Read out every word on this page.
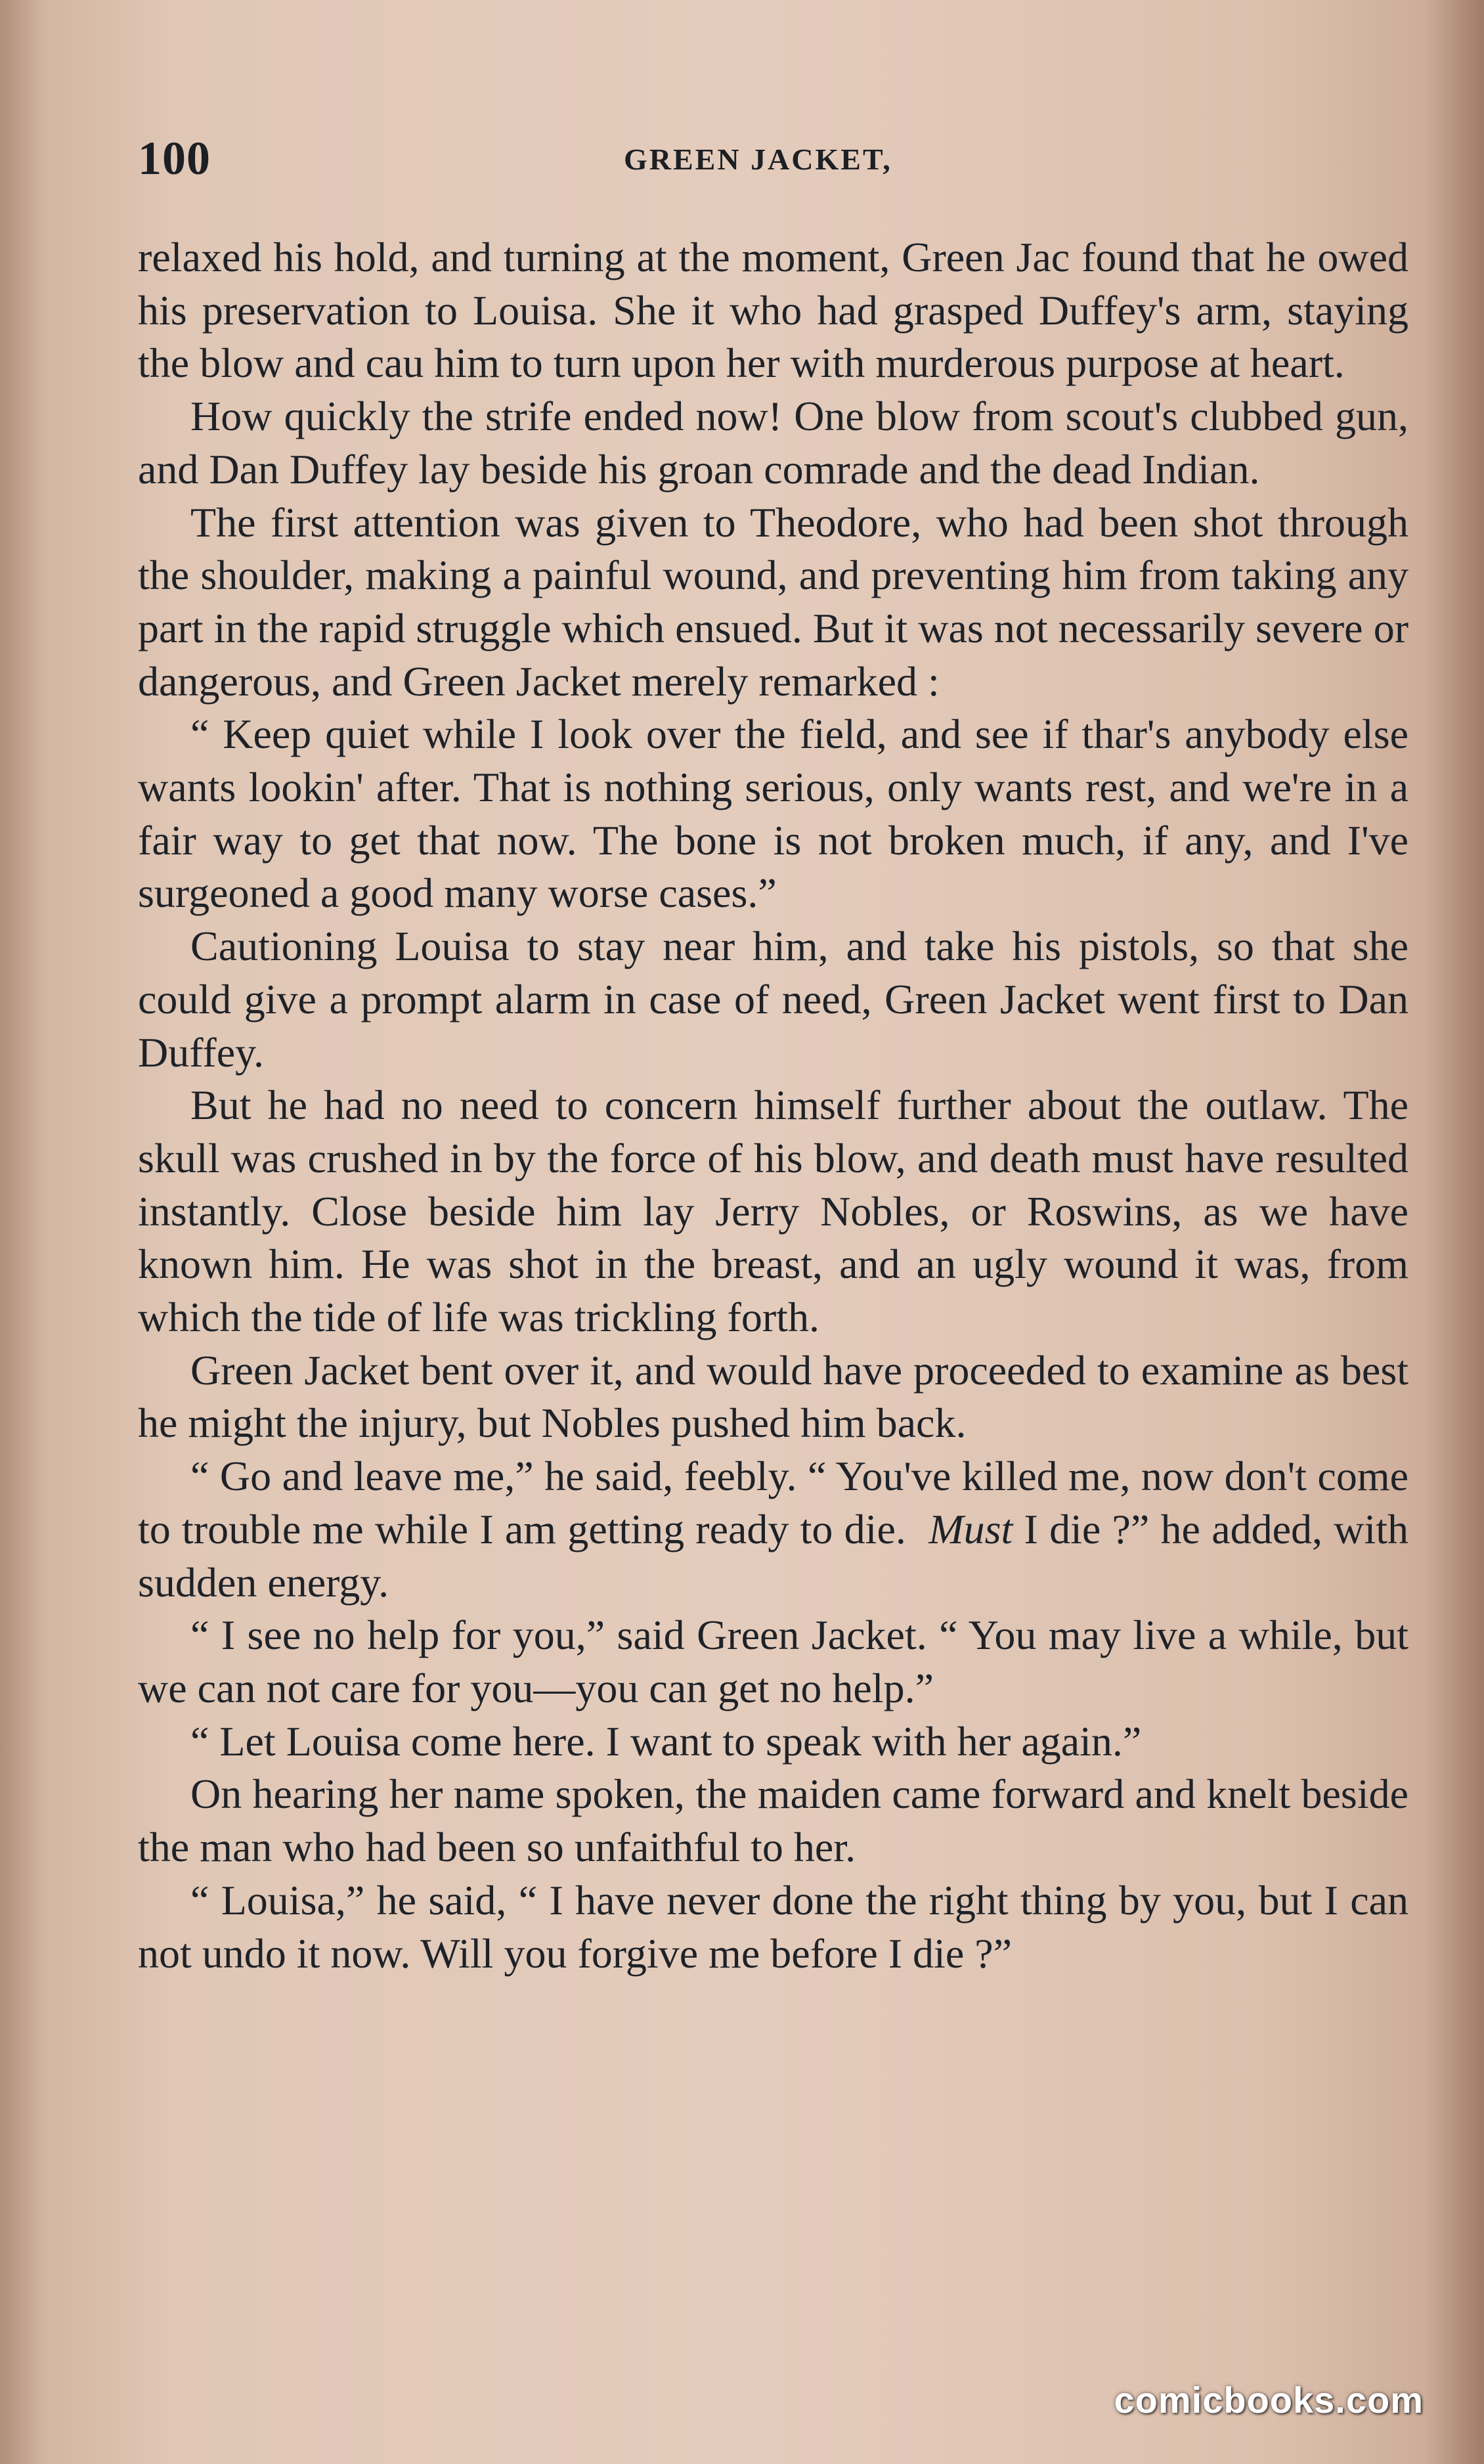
100	GREEN JACKET,

relaxed his hold, and turning at the moment, Green Jac found that he owed his preservation to Louisa. She it who had grasped Duffey's arm, staying the blow and cau him to turn upon her with murderous purpose at heart.

How quickly the strife ended now! One blow from scout's clubbed gun, and Dan Duffey lay beside his groan comrade and the dead Indian.

The first attention was given to Theodore, who had been shot through the shoulder, making a painful wound, and preventing him from taking any part in the rapid struggle which ensued. But it was not necessarily severe or dangerous, and Green Jacket merely remarked :

“ Keep quiet while I look over the field, and see if thar's anybody else wants lookin' after. That is nothing serious, only wants rest, and we're in a fair way to get that now. The bone is not broken much, if any, and I've surgeoned a good many worse cases.”

Cautioning Louisa to stay near him, and take his pistols, so that she could give a prompt alarm in case of need, Green Jacket went first to Dan Duffey.

But he had no need to concern himself further about the outlaw. The skull was crushed in by the force of his blow, and death must have resulted instantly. Close beside him lay Jerry Nobles, or Roswins, as we have known him. He was shot in the breast, and an ugly wound it was, from which the tide of life was trickling forth.

Green Jacket bent over it, and would have proceeded to examine as best he might the injury, but Nobles pushed him back.

“ Go and leave me,” he said, feebly. “ You've killed me, now don't come to trouble me while I am getting ready to die. Must I die ?” he added, with sudden energy.

“ I see no help for you,” said Green Jacket. “ You may live a while, but we can not care for you—you can get no help.”

“ Let Louisa come here. I want to speak with her again.”

On hearing her name spoken, the maiden came forward and knelt beside the man who had been so unfaithful to her.

“ Louisa,” he said, “ I have never done the right thing by you, but I can not undo it now. Will you forgive me before I die ?”

comicbooks.com
